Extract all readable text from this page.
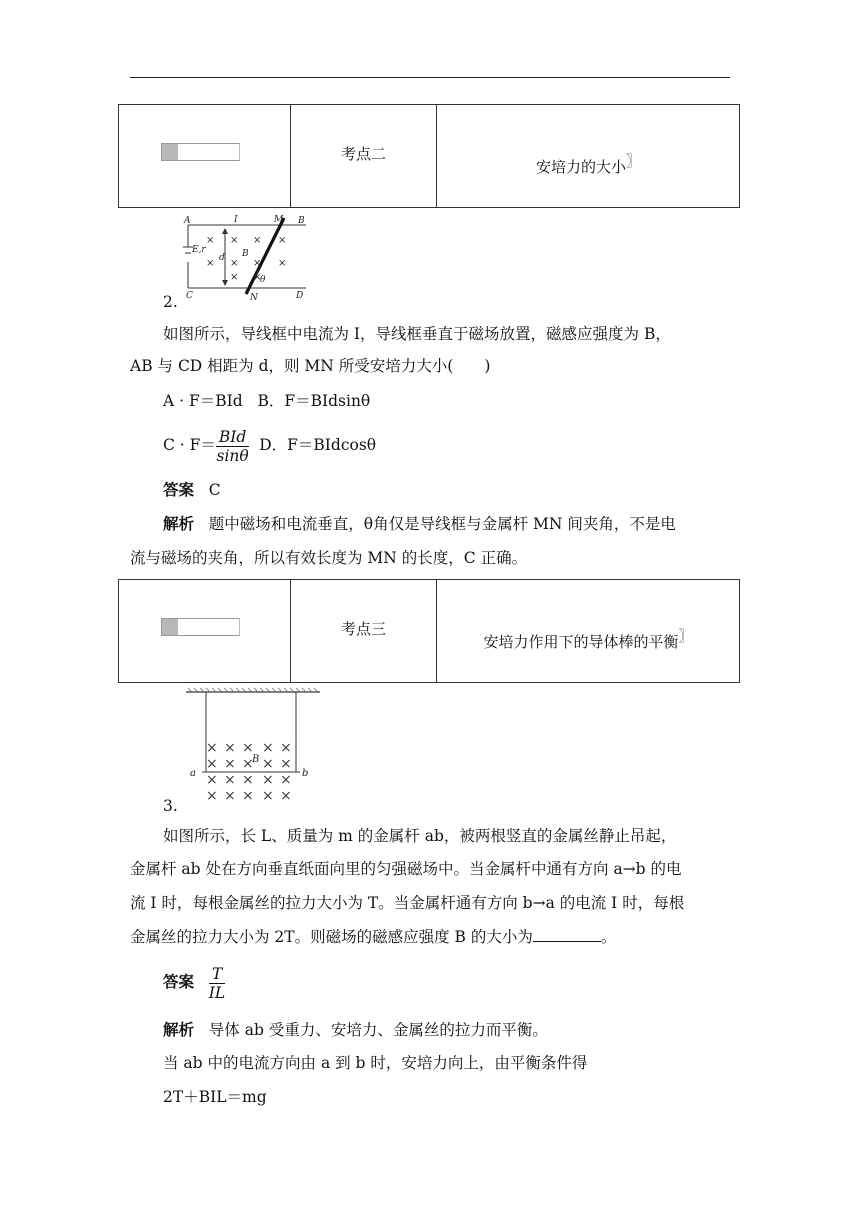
考点二
安培力的大小〗
× × × ×
× × × ×
× ×
A	I	M B
E,r
d B
θ
C	N	D
2.
如图所示，导线框中电流为 I，导线框垂直于磁场放置，磁感应强度为 B，
AB 与 CD 相距为 d，则 MN 所受安培力大小(　　)
A · F＝BId B．F＝BIdsinθ
$C \cdot F= \frac{\text{BId}}{\sin\theta}$ D．F＝BIdcosθ
答案 C
解析 题中磁场和电流垂直，θ角仅是导线框与金属杆 MN 间夹角，不是电
流与磁场的夹角，所以有效长度为 MN 的长度，C 正确。
考点三
安培力作用下的导体棒的平衡〗
× × × × ×
× × × × ×
× × × × ×
× × × × ×
a	b
B
3.
如图所示，长 L、质量为 m 的金属杆 ab，被两根竖直的金属丝静止吊起，
金属杆 ab 处在方向垂直纸面向里的匀强磁场中。当金属杆中通有方向 a→b 的电
流 I 时，每根金属丝的拉力大小为 T。当金属杆通有方向 b→a 的电流 I 时，每根
金属丝的拉力大小为 2T。则磁场的磁感应强度 B 的大小为	。
答案 $\frac{T}{IL}$
解析 导体 ab 受重力、安培力、金属丝的拉力而平衡。
当 ab 中的电流方向由 a 到 b 时，安培力向上，由平衡条件得
2T＋BIL＝mg
